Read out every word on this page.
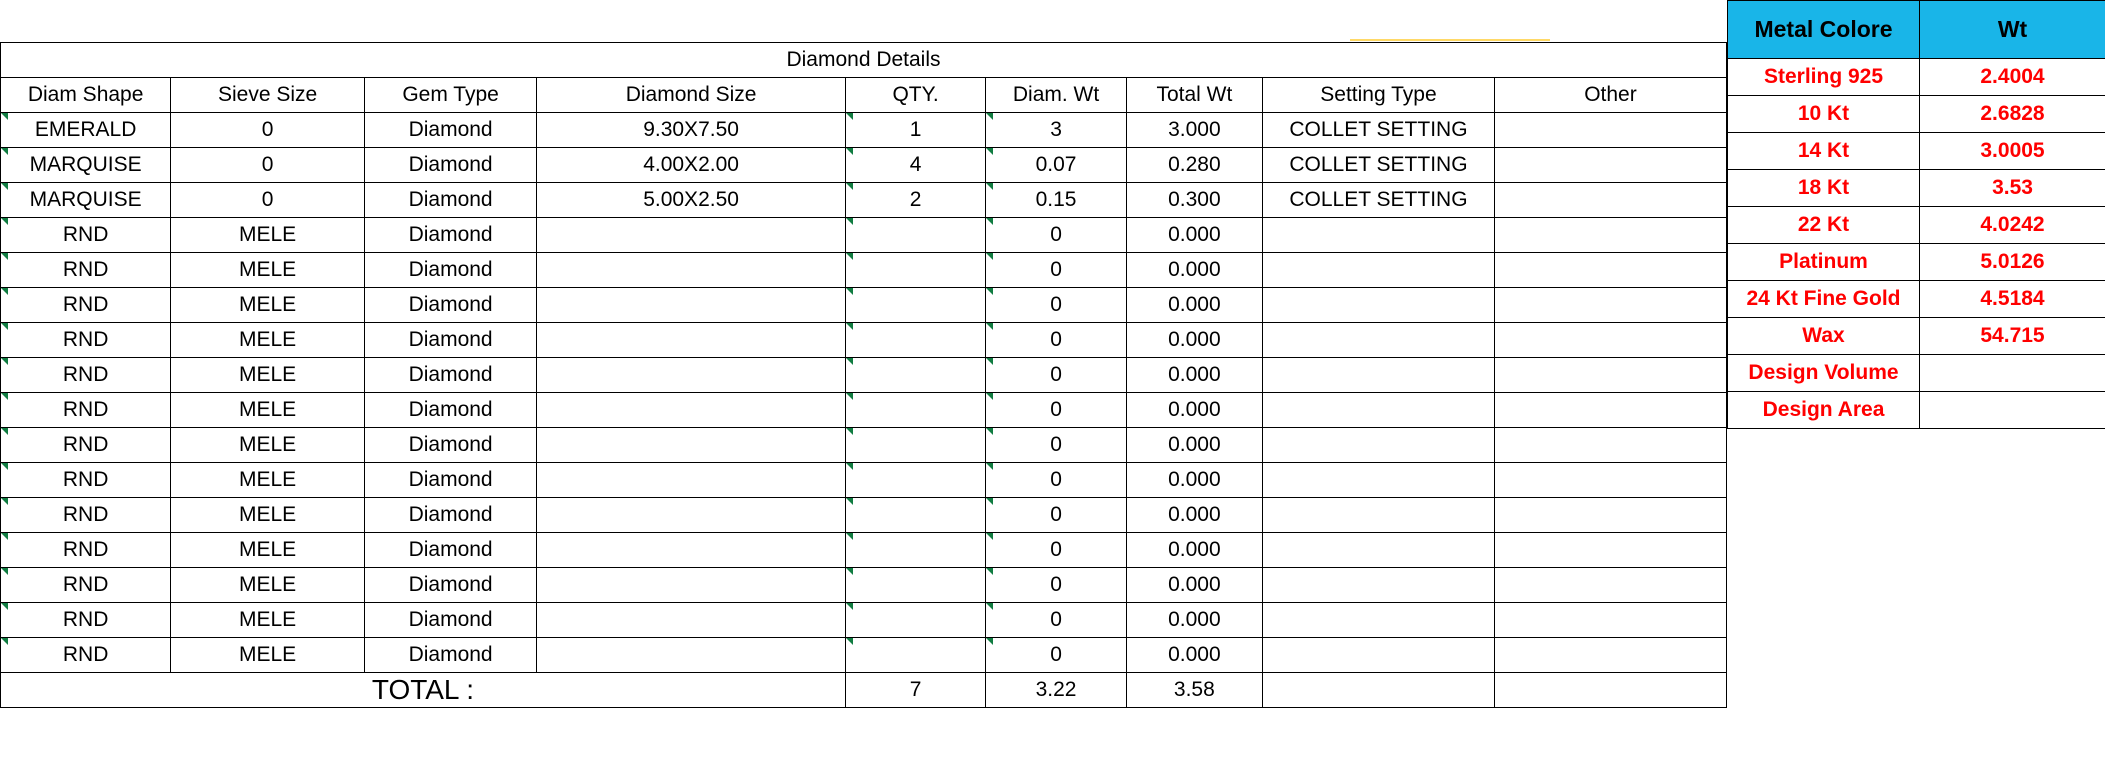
Diamond Details								
Diam Shape	Sieve Size	Gem Type	Diamond Size	QTY.	Diam. Wt	Total Wt	Setting Type	Other
EMERALD	0	Diamond	9.30X7.50	1	3	3.000	COLLET SETTING	
MARQUISE	0	Diamond	4.00X2.00	4	0.07	0.280	COLLET SETTING	
MARQUISE	0	Diamond	5.00X2.50	2	0.15	0.300	COLLET SETTING	
RND	MELE	Diamond			0	0.000		
RND	MELE	Diamond			0	0.000		
RND	MELE	Diamond			0	0.000		
RND	MELE	Diamond			0	0.000		
RND	MELE	Diamond			0	0.000		
RND	MELE	Diamond			0	0.000		
RND	MELE	Diamond			0	0.000		
RND	MELE	Diamond			0	0.000		
RND	MELE	Diamond			0	0.000		
RND	MELE	Diamond			0	0.000		
RND	MELE	Diamond			0	0.000		
RND	MELE	Diamond			0	0.000		
RND	MELE	Diamond			0	0.000		
TOTAL :				7	3.22	3.58		
Metal Colore	Wt
Sterling 925	2.4004
10 Kt	2.6828
14 Kt	3.0005
18 Kt	3.53
22 Kt	4.0242
Platinum	5.0126
24 Kt Fine Gold	4.5184
Wax	54.715
Design Volume	
Design Area	
